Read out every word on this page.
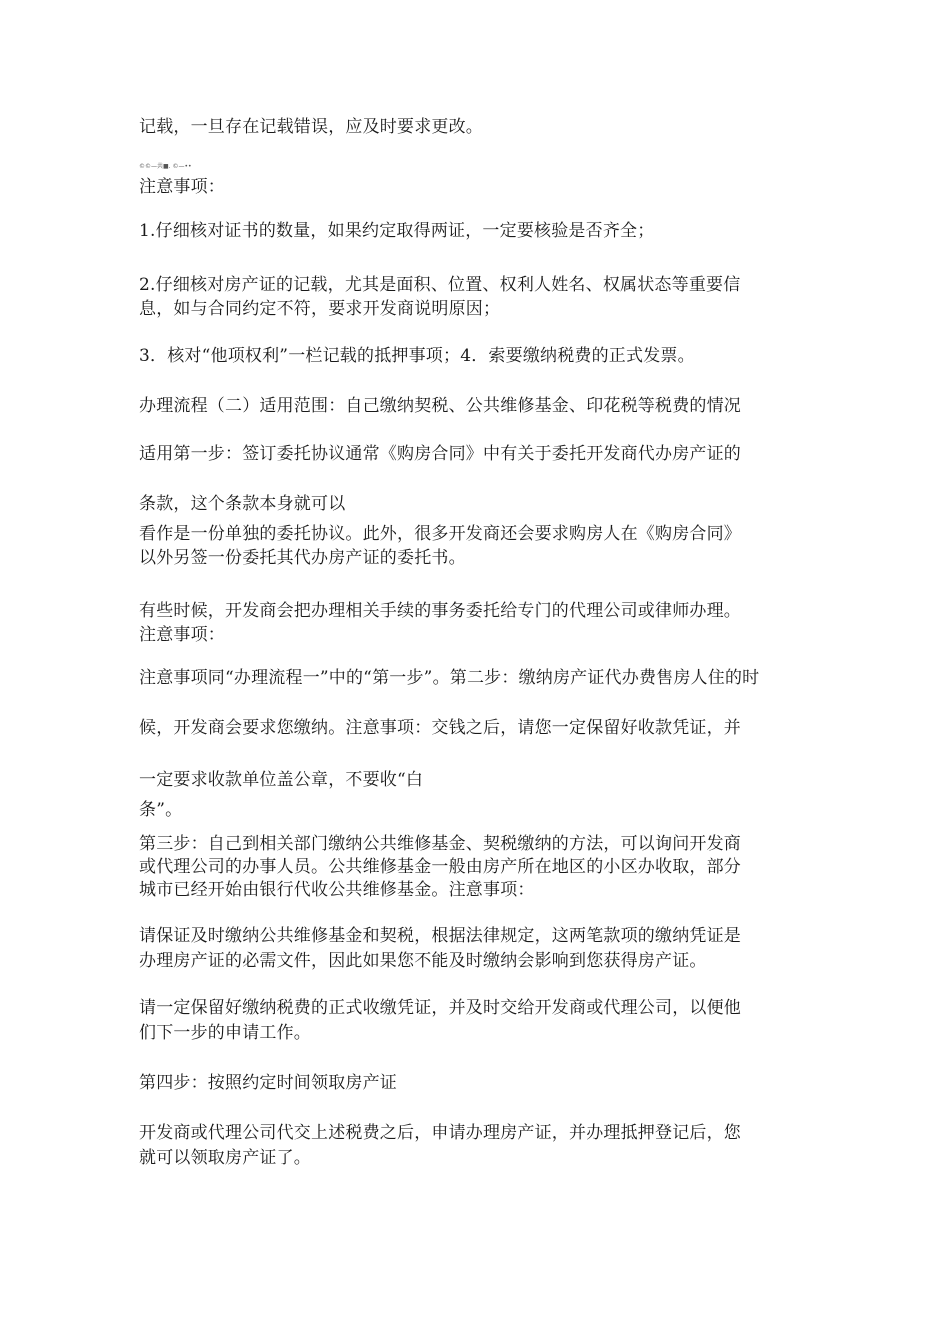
©©—共■. ©—••
记载，一旦存在记载错误，应及时要求更改。
注意事项：
1.仔细核对证书的数量，如果约定取得两证，一定要核验是否齐全；
2.仔细核对房产证的记载，尤其是面积、位置、权利人姓名、权属状态等重要信
息，如与合同约定不符，要求开发商说明原因；
3．核对“他项权利”一栏记载的抵押事项；4．索要缴纳税费的正式发票。
办理流程（二）适用范围：自己缴纳契税、公共维修基金、印花税等税费的情况
适用第一步：签订委托协议通常《购房合同》中有关于委托开发商代办房产证的
条款，这个条款本身就可以
看作是一份单独的委托协议。此外，很多开发商还会要求购房人在《购房合同》
以外另签一份委托其代办房产证的委托书。
有些时候，开发商会把办理相关手续的事务委托给专门的代理公司或律师办理。
注意事项：
注意事项同“办理流程一”中的“第一步”。第二步：缴纳房产证代办费售房人住的时
候，开发商会要求您缴纳。注意事项：交钱之后，请您一定保留好收款凭证，并
一定要求收款单位盖公章，不要收“白
条”。
第三步：自己到相关部门缴纳公共维修基金、契税缴纳的方法，可以询问开发商
或代理公司的办事人员。公共维修基金一般由房产所在地区的小区办收取，部分
城市已经开始由银行代收公共维修基金。注意事项：
请保证及时缴纳公共维修基金和契税，根据法律规定，这两笔款项的缴纳凭证是
办理房产证的必需文件，因此如果您不能及时缴纳会影响到您获得房产证。
请一定保留好缴纳税费的正式收缴凭证，并及时交给开发商或代理公司，以便他
们下一步的申请工作。
第四步：按照约定时间领取房产证
开发商或代理公司代交上述税费之后，申请办理房产证，并办理抵押登记后，您
就可以领取房产证了。
